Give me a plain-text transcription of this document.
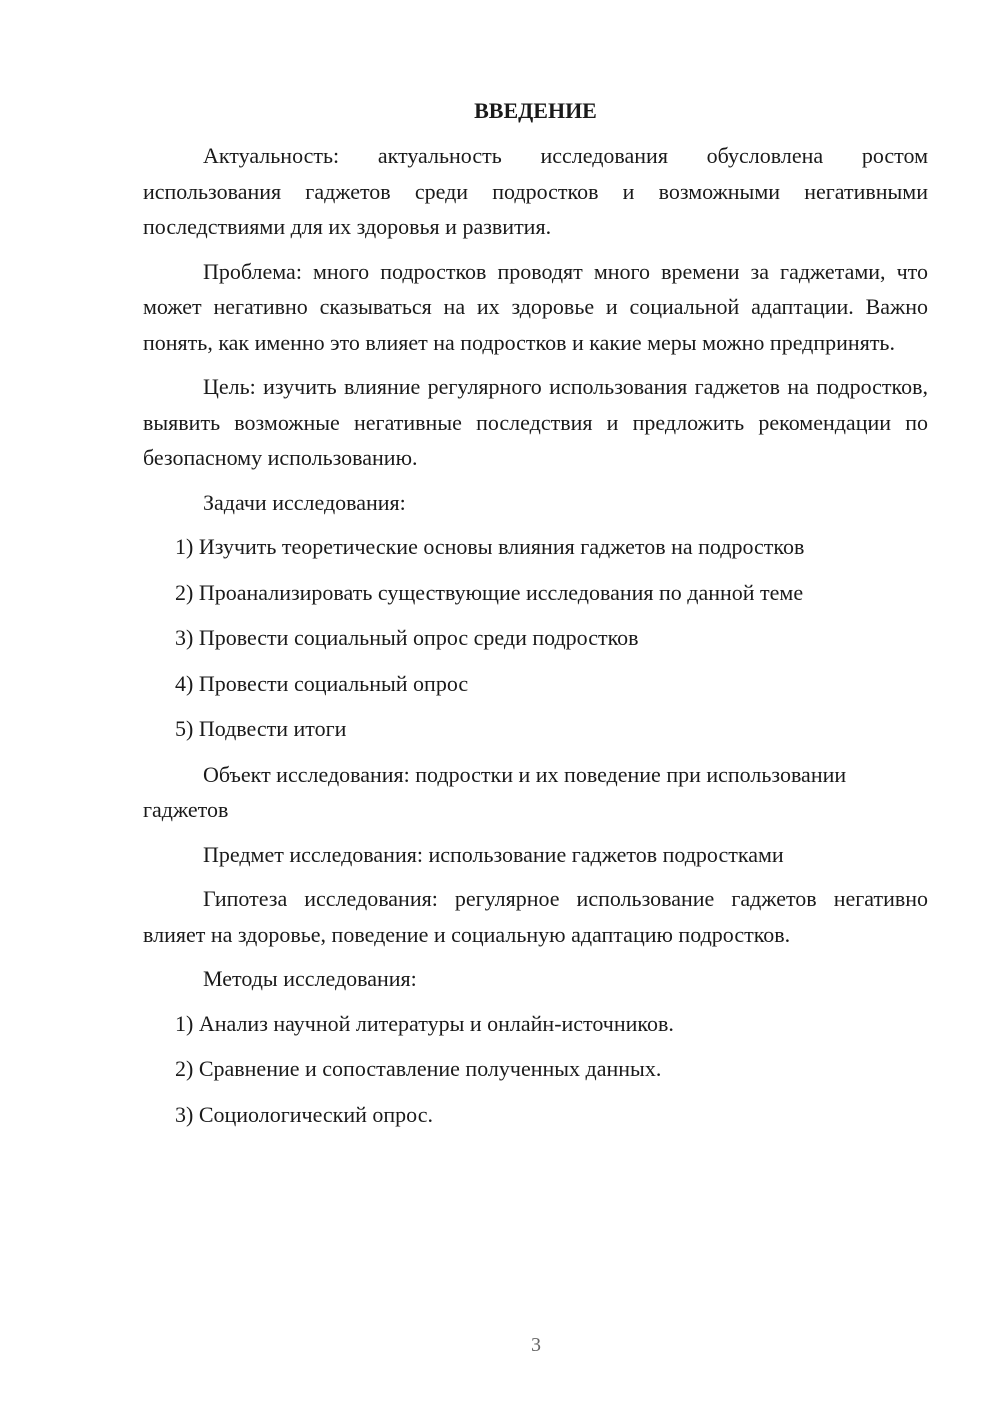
ВВЕДЕНИЕ

Актуальность: актуальность исследования обусловлена ростом использования гаджетов среди подростков и возможными негативными последствиями для их здоровья и развития.

Проблема: много подростков проводят много времени за гаджетами, что может негативно сказываться на их здоровье и социальной адаптации. Важно понять, как именно это влияет на подростков и какие меры можно предпринять.

Цель: изучить влияние регулярного использования гаджетов на подростков, выявить возможные негативные последствия и предложить рекомендации по безопасному использованию.

Задачи исследования:

1) Изучить теоретические основы влияния гаджетов на подростков
2) Проанализировать существующие исследования по данной теме
3) Провести социальный опрос среди подростков
4) Провести социальный опрос
5) Подвести итоги

Объект исследования: подростки и их поведение при использовании гаджетов

Предмет исследования: использование гаджетов подростками

Гипотеза исследования: регулярное использование гаджетов негативно влияет на здоровье, поведение и социальную адаптацию подростков.

Методы исследования:

1) Анализ научной литературы и онлайн-источников.
2) Сравнение и сопоставление полученных данных.
3) Социологический опрос.
3
